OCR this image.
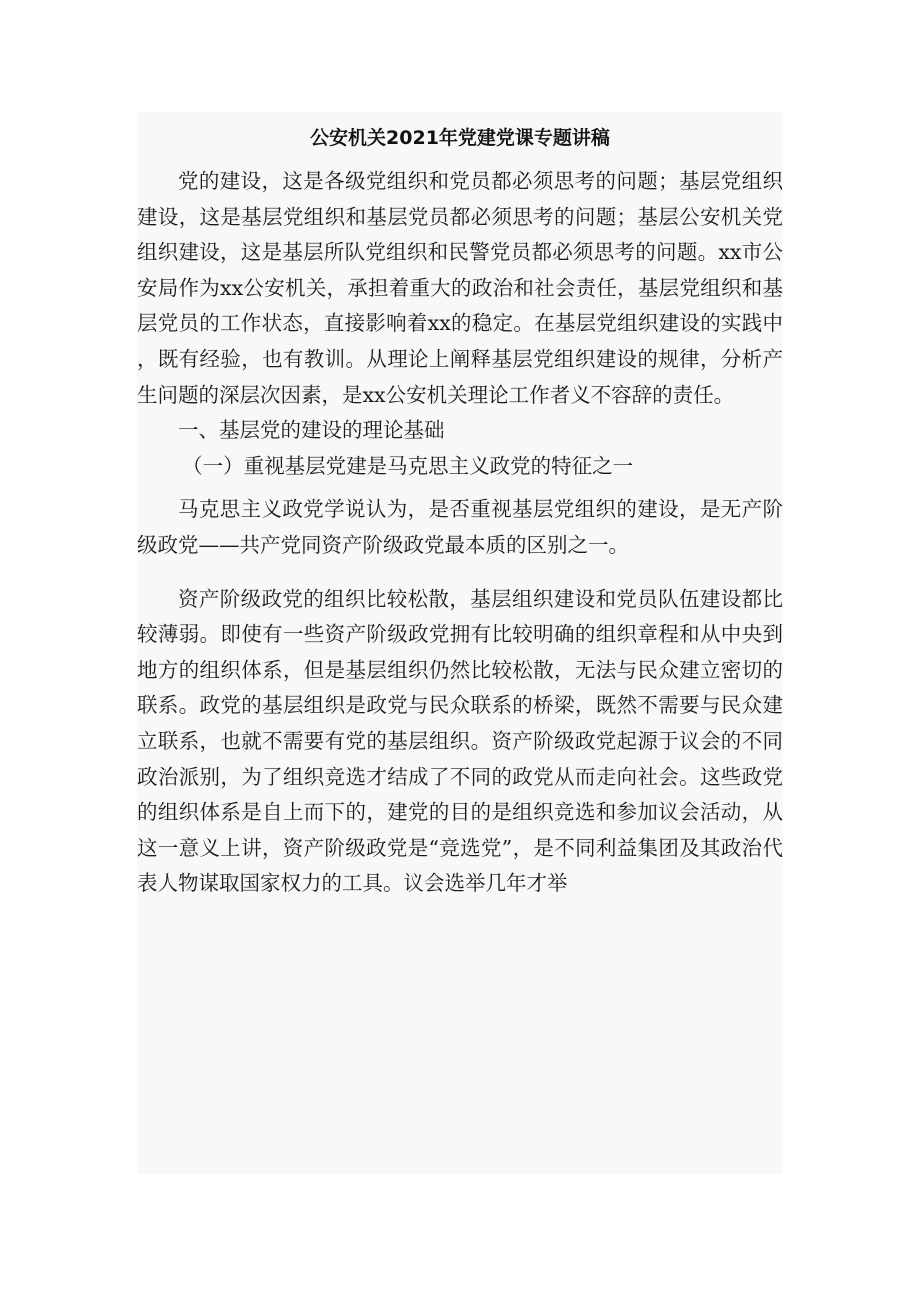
公安机关2021年党建党课专题讲稿

党的建设，这是各级党组织和党员都必须思考的问题；基层党组织建设，这是基层党组织和基层党员都必须思考的问题；基层公安机关党组织建设，这是基层所队党组织和民警党员都必须思考的问题。xx市公安局作为xx公安机关，承担着重大的政治和社会责任，基层党组织和基层党员的工作状态，直接影响着xx的稳定。在基层党组织建设的实践中，既有经验，也有教训。从理论上阐释基层党组织建设的规律，分析产生问题的深层次因素，是xx公安机关理论工作者义不容辞的责任。

一、基层党的建设的理论基础

（一）重视基层党建是马克思主义政党的特征之一

马克思主义政党学说认为，是否重视基层党组织的建设，是无产阶级政党——共产党同资产阶级政党最本质的区别之一。

资产阶级政党的组织比较松散，基层组织建设和党员队伍建设都比较薄弱。即使有一些资产阶级政党拥有比较明确的组织章程和从中央到地方的组织体系，但是基层组织仍然比较松散，无法与民众建立密切的联系。政党的基层组织是政党与民众联系的桥梁，既然不需要与民众建立联系，也就不需要有党的基层组织。资产阶级政党起源于议会的不同政治派别，为了组织竞选才结成了不同的政党从而走向社会。这些政党的组织体系是自上而下的，建党的目的是组织竞选和参加议会活动，从这一意义上讲，资产阶级政党是“竞选党”，是不同利益集团及其政治代表人物谋取国家权力的工具。议会选举几年才举
